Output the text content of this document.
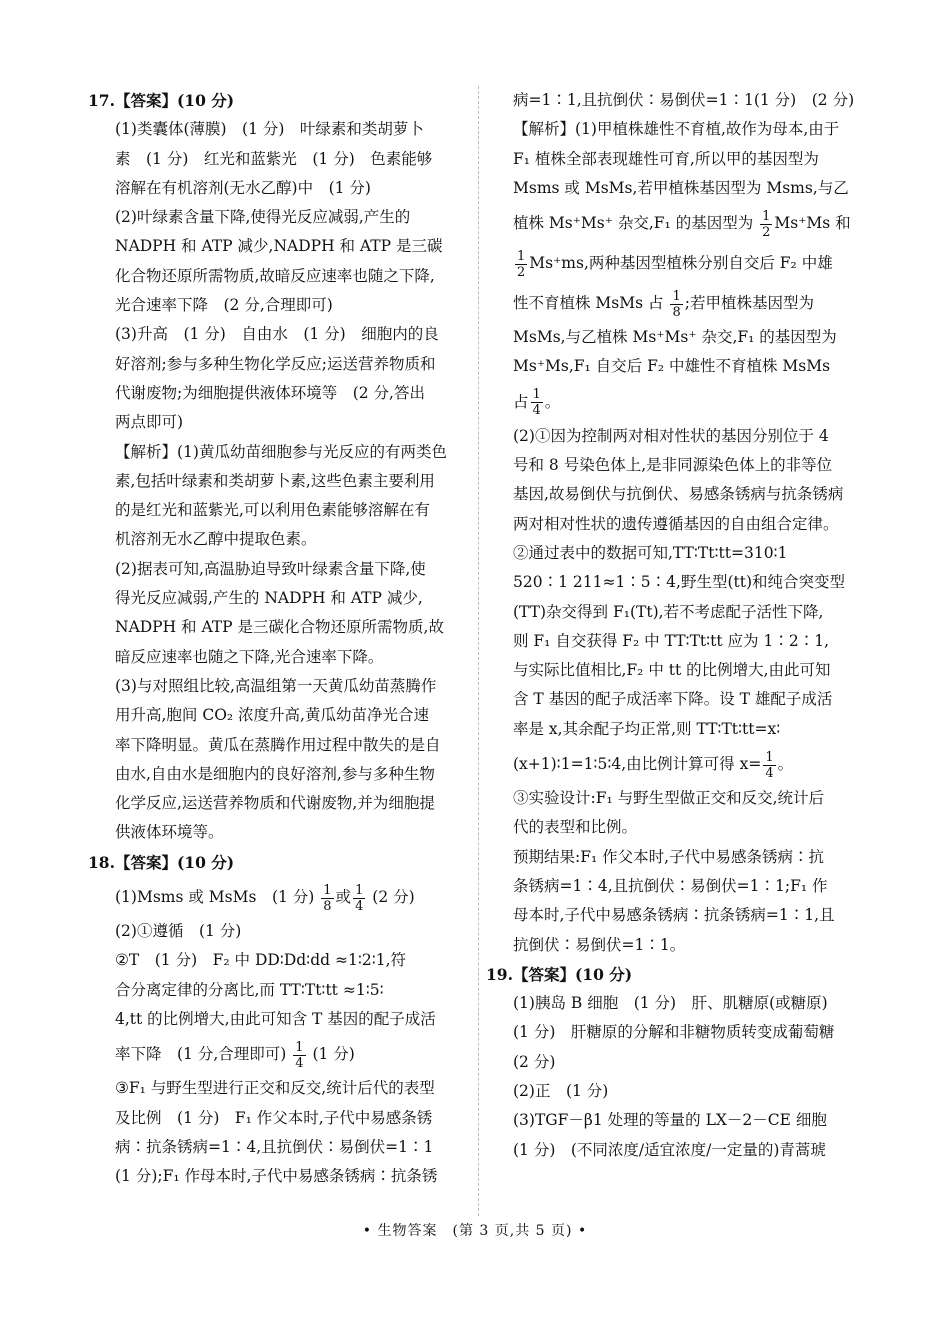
17.【答案】(10 分)
(1)类囊体(薄膜)　(1 分)　叶绿素和类胡萝卜
素　(1 分)　红光和蓝紫光　(1 分)　色素能够
溶解在有机溶剂(无水乙醇)中　(1 分)
(2)叶绿素含量下降,使得光反应减弱,产生的
NADPH 和 ATP 减少,NADPH 和 ATP 是三碳
化合物还原所需物质,故暗反应速率也随之下降,
光合速率下降　(2 分,合理即可)
(3)升高　(1 分)　自由水　(1 分)　细胞内的良
好溶剂;参与多种生物化学反应;运送营养物质和
代谢废物;为细胞提供液体环境等　(2 分,答出
两点即可)
【解析】(1)黄瓜幼苗细胞参与光反应的有两类色
素,包括叶绿素和类胡萝卜素,这些色素主要利用
的是红光和蓝紫光,可以利用色素能够溶解在有
机溶剂无水乙醇中提取色素。
(2)据表可知,高温胁迫导致叶绿素含量下降,使
得光反应减弱,产生的 NADPH 和 ATP 减少,
NADPH 和 ATP 是三碳化合物还原所需物质,故
暗反应速率也随之下降,光合速率下降。
(3)与对照组比较,高温组第一天黄瓜幼苗蒸腾作
用升高,胞间 CO₂ 浓度升高,黄瓜幼苗净光合速
率下降明显。黄瓜在蒸腾作用过程中散失的是自
由水,自由水是细胞内的良好溶剂,参与多种生物
化学反应,运送营养物质和代谢废物,并为细胞提
供液体环境等。
18.【答案】(10 分)
(1)Msms 或 MsMs　(1 分) $\frac{1}{8}$ 或 $\frac{1}{4} (2$ 分)
(2)①遵循　(1 分)
②T　(1 分)　F₂ 中 DD∶Dd∶dd ≈1∶2∶1,符
合分离定律的分离比,而 TT∶Tt∶tt ≈1∶5∶
4,tt 的比例增大,由此可知含 T 基因的配子成活
率下降　(1 分,合理即可) $\frac{1}{4} (1$ 分)
③F₁ 与野生型进行正交和反交,统计后代的表型
及比例　(1 分)　F₁ 作父本时,子代中易感条锈
病∶抗条锈病=1∶4,且抗倒伏∶易倒伏=1∶1
(1 分);F₁ 作母本时,子代中易感条锈病∶抗条锈
病=1∶1,且抗倒伏∶易倒伏=1∶1(1 分)　(2 分)
【解析】(1)甲植株雄性不育植,故作为母本,由于
F₁ 植株全部表现雄性可育,所以甲的基因型为
Msms 或 MsMs,若甲植株基因型为 Msms,与乙
植株 Ms⁺Ms⁺ 杂交,F₁ 的基因型为 $\frac{1}{2} Ms^+Ms$ 和
$\frac{1}{2} Ms^+ms$,两种基因型植株分别自交后 F₂ 中雄
性不育植株 MsMs 占 $\frac{1}{8}$ ;若甲植株基因型为
MsMs,与乙植株 Ms⁺Ms⁺ 杂交,F₁ 的基因型为
Ms⁺Ms,F₁ 自交后 F₂ 中雄性不育植株 MsMs
占 $\frac{1}{4}$ 。
(2)①因为控制两对相对性状的基因分别位于 4
号和 8 号染色体上,是非同源染色体上的非等位
基因,故易倒伏与抗倒伏、易感条锈病与抗条锈病
两对相对性状的遗传遵循基因的自由组合定律。
②通过表中的数据可知,TT∶Tt∶tt=310∶1
520∶1 211≈1∶5∶4,野生型(tt)和纯合突变型
(TT)杂交得到 F₁(Tt),若不考虑配子活性下降,
则 F₁ 自交获得 F₂ 中 TT∶Tt∶tt 应为 1∶2∶1,
与实际比值相比,F₂ 中 tt 的比例增大,由此可知
含 T 基因的配子成活率下降。设 T 雄配子成活
率是 x,其余配子均正常,则 TT∶Tt∶tt=x∶
(x+1)∶1=1∶5∶4,由比例计算可得 $x= \frac{1}{4}$ 。
③实验设计:F₁ 与野生型做正交和反交,统计后
代的表型和比例。
预期结果:F₁ 作父本时,子代中易感条锈病∶抗
条锈病=1∶4,且抗倒伏∶易倒伏=1∶1;F₁ 作
母本时,子代中易感条锈病∶抗条锈病=1∶1,且
抗倒伏∶易倒伏=1∶1。
19.【答案】(10 分)
(1)胰岛 B 细胞　(1 分)　肝、肌糖原(或糖原)
(1 分)　肝糖原的分解和非糖物质转变成葡萄糖
(2 分)
(2)正　(1 分)
(3)TGF－β1 处理的等量的 LX－2－CE 细胞
(1 分)　(不同浓度/适宜浓度/一定量的)青蒿琥
• 生物答案　(第 3 页,共 5 页) •
